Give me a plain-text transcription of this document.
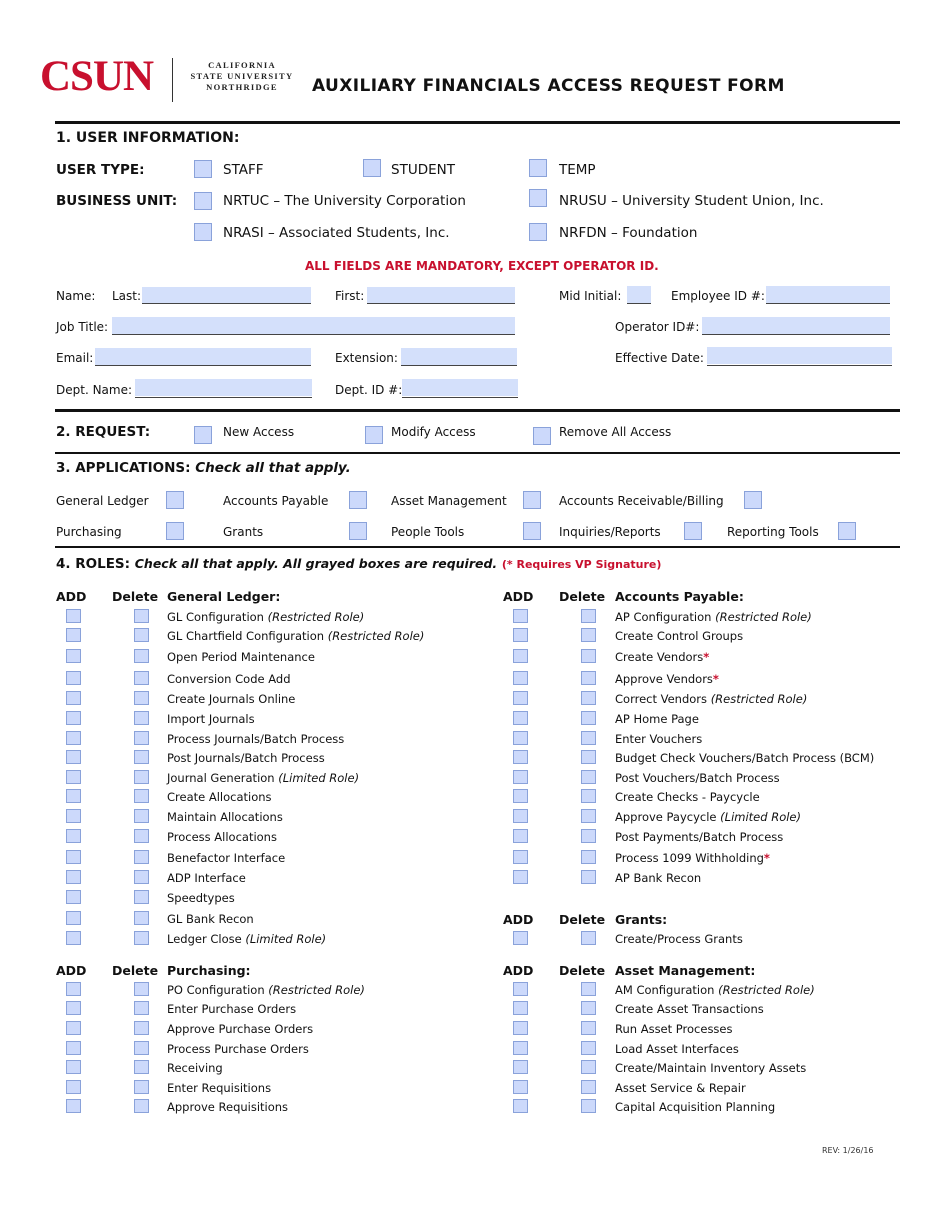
CSUN	CALIFORNIA
STATE UNIVERSITY
NORTHRIDGE	AUXILIARY FINANCIALS ACCESS REQUEST FORM
1. USER INFORMATION:
USER TYPE:	STAFF	STUDENT	TEMP
BUSINESS UNIT:	NRTUC – The University Corporation	NRUSU – University Student Union, Inc.
NRASI – Associated Students, Inc.	NRFDN – Foundation
ALL FIELDS ARE MANDATORY, EXCEPT OPERATOR ID.
Name: Last:	First:	Mid Initial:	Employee ID #:
Job Title:	Operator ID#:
Email:	Extension:	Effective Date:
Dept. Name:	Dept. ID #:
2. REQUEST:	New Access	Modify Access	Remove All Access
3. APPLICATIONS: Check all that apply.
General Ledger	Accounts Payable	Asset Management	Accounts Receivable/Billing
Purchasing	Grants	People Tools	Inquiries/Reports	Reporting Tools
4. ROLES: Check all that apply. All grayed boxes are required. (* Requires VP Signature)
ADD Delete General Ledger:
GL Configuration (Restricted Role)
GL Chartfield Configuration (Restricted Role)
Open Period Maintenance
Conversion Code Add
Create Journals Online
Import Journals
Process Journals/Batch Process
Post Journals/Batch Process
Journal Generation (Limited Role)
Create Allocations
Maintain Allocations
Process Allocations
Benefactor Interface
ADP Interface
Speedtypes
GL Bank Recon
Ledger Close (Limited Role)
ADD Delete Accounts Payable:
AP Configuration (Restricted Role)
Create Control Groups
Create Vendors*
Approve Vendors*
Correct Vendors (Restricted Role)
AP Home Page
Enter Vouchers
Budget Check Vouchers/Batch Process (BCM)
Post Vouchers/Batch Process
Create Checks - Paycycle
Approve Paycycle (Limited Role)
Post Payments/Batch Process
Process 1099 Withholding*
AP Bank Recon
ADD Delete Grants:
Create/Process Grants
ADD Delete Purchasing:
PO Configuration (Restricted Role)
Enter Purchase Orders
Approve Purchase Orders
Process Purchase Orders
Receiving
Enter Requisitions
Approve Requisitions
ADD Delete Asset Management:
AM Configuration (Restricted Role)
Create Asset Transactions
Run Asset Processes
Load Asset Interfaces
Create/Maintain Inventory Assets
Asset Service & Repair
Capital Acquisition Planning
REV: 1/26/16
